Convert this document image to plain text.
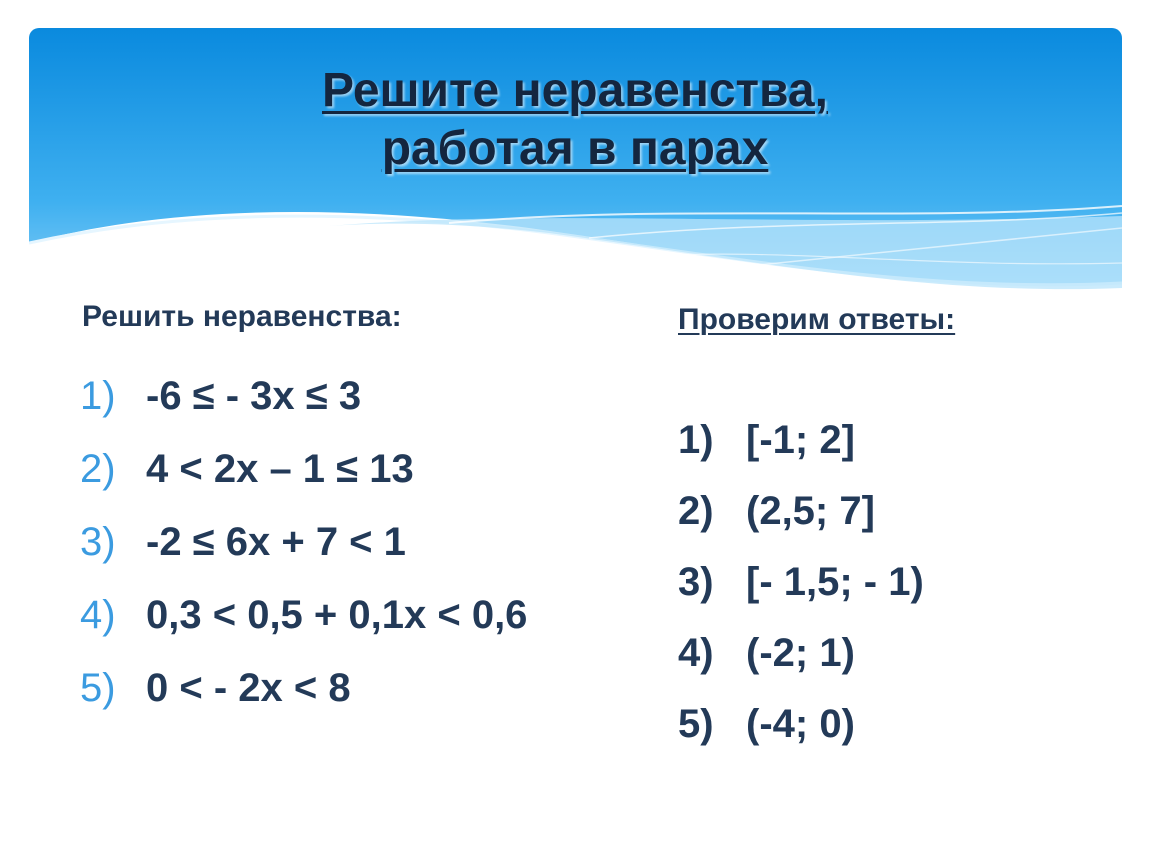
Решите неравенства,
работая в парах
Решить неравенства:
1) -6 ≤ - 3х ≤ 3
2) 4 < 2х – 1 ≤ 13
3) -2 ≤ 6х + 7 < 1
4) 0,3 < 0,5 + 0,1х < 0,6
5) 0 < - 2х < 8
Проверим ответы:
1) [-1; 2]
2) (2,5; 7]
3) [- 1,5; - 1)
4) (-2; 1)
5) (-4; 0)
